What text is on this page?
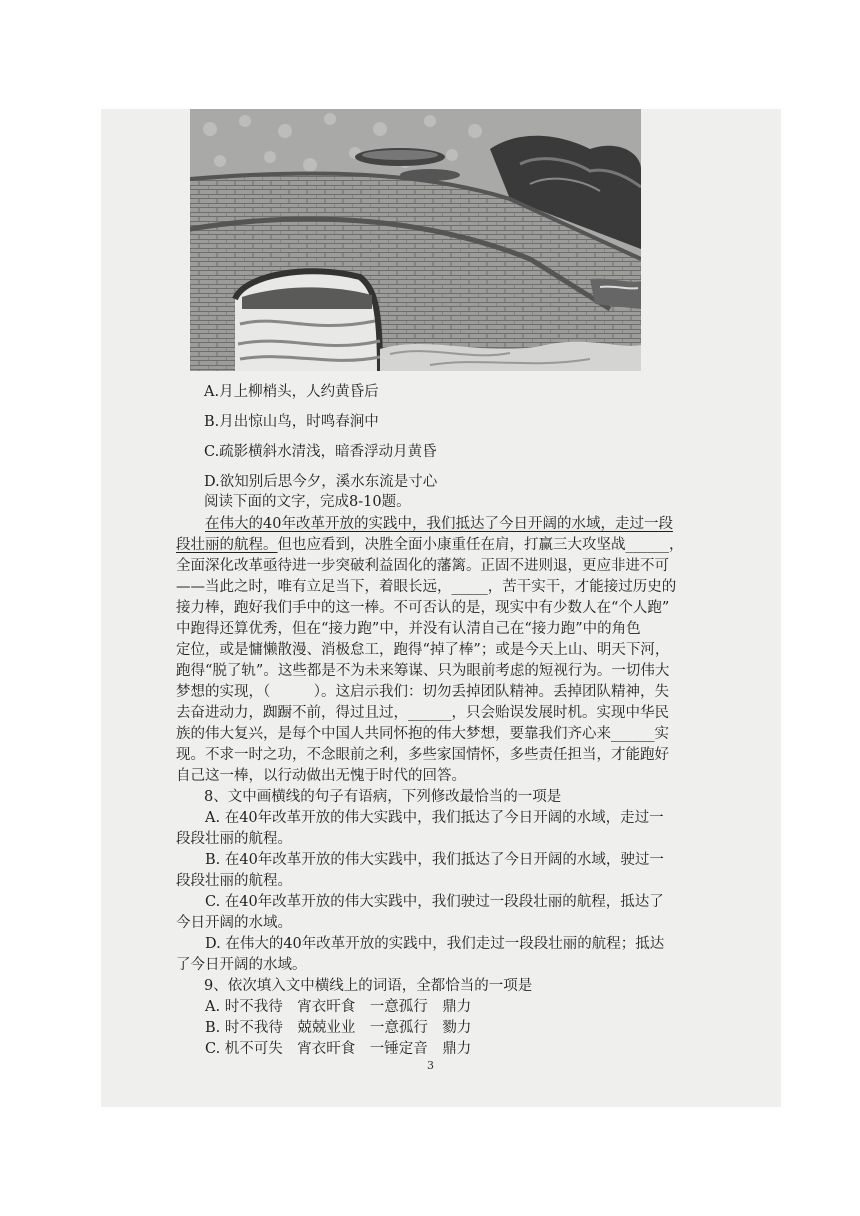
A.月上柳梢头，人约黄昏后
B.月出惊山鸟，时鸣春涧中
C.疏影横斜水清浅，暗香浮动月黄昏
D.欲知别后思今夕，溪水东流是寸心
阅读下面的文字，完成8-10题。
在伟大的40年改革开放的实践中，我们抵达了今日开阔的水域，走过一段
段壮丽的航程。但也应看到，决胜全面小康重任在肩，打赢三大攻坚战______，
全面深化改革亟待进一步突破利益固化的藩篱。正固不进则退，更应非进不可
——当此之时，唯有立足当下，着眼长远，_____，苦干实干，才能接过历史的
接力棒，跑好我们手中的这一棒。不可否认的是，现实中有少数人在“个人跑”
中跑得还算优秀，但在“接力跑”中，并没有认清自己在“接力跑”中的角色
定位，或是慵懒散漫、消极怠工，跑得“掉了棒”；或是今天上山、明天下河，
跑得“脱了轨”。这些都是不为未来筹谋、只为眼前考虑的短视行为。一切伟大
梦想的实现，（　　　）。这启示我们：切勿丢掉团队精神。丢掉团队精神，失
去奋进动力，踟蹰不前，得过且过，______，只会贻误发展时机。实现中华民
族的伟大复兴，是每个中国人共同怀抱的伟大梦想，要靠我们齐心来______实
现。不求一时之功，不念眼前之利，多些家国情怀，多些责任担当，才能跑好
自己这一棒，以行动做出无愧于时代的回答。
8、文中画横线的句子有语病，下列修改最恰当的一项是
A. 在40年改革开放的伟大实践中，我们抵达了今日开阔的水域，走过一
段段壮丽的航程。
B. 在40年改革开放的伟大实践中，我们抵达了今日开阔的水域，驶过一
段段壮丽的航程。
C. 在40年改革开放的伟大实践中，我们驶过一段段壮丽的航程，抵达了
今日开阔的水域。
D. 在伟大的40年改革开放的实践中，我们走过一段段壮丽的航程；抵达
了今日开阔的水域。
9、依次填入文中横线上的词语，全都恰当的一项是
A. 时不我待　宵衣旰食　一意孤行　鼎力
B. 时不我待　兢兢业业　一意孤行　勠力
C. 机不可失　宵衣旰食　一锤定音　鼎力
3
